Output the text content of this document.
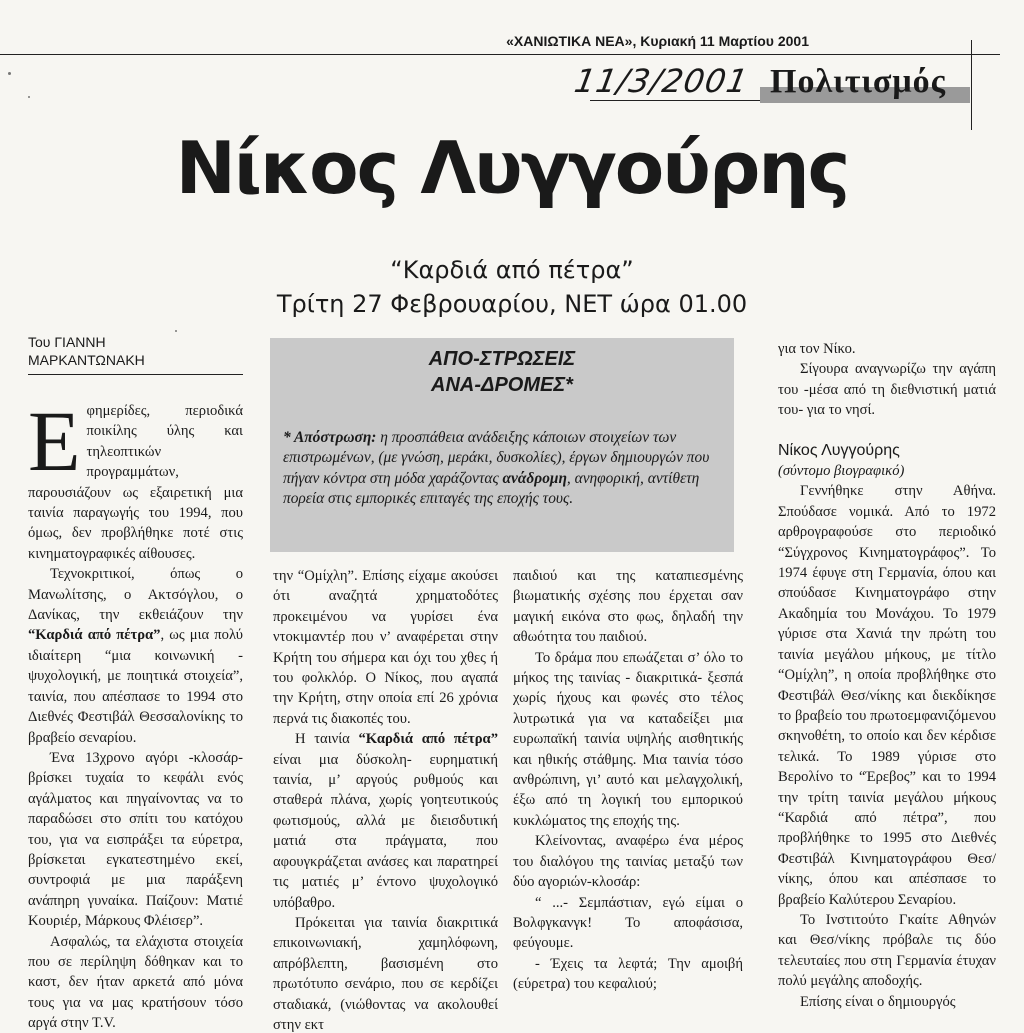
«ΧΑΝΙΩΤΙΚΑ ΝΕΑ», Κυριακή 11 Μαρτίου 2001
11/3/2001 Πολιτισμός
Νίκος Λυγγούρης
“Καρδιά από πέτρα”
Τρίτη 27 Φεβρουαρίου, ΝΕΤ ώρα 01.00
Του ΓΙΑΝΝΗ
ΜΑΡΚΑΝΤΩΝΑΚΗ	ΑΠΟ-ΣΤΡΩΣΕΙΣ
ΑΝΑ-ΔΡΟΜΕΣ*
* Απόστρωση: η προσπάθεια ανάδειξης κάποιων στοιχείων των επιστρωμένων, (με γνώση, μεράκι, δυσκολίες), έργων δημιουργών που πήγαν κόντρα στη μόδα χαράζοντας ανάδρομη, ανηφορική, αντίθετη πορεία στις εμπορικές επιταγές της εποχής τους.

Εφημερίδες, περιοδικά ποικίλης ύλης και τηλεοπτικών προγραμμάτων, παρουσιάζουν ως εξαιρετική μια ταινία παραγωγής του 1994, που όμως, δεν προβλήθηκε ποτέ στις κινηματογραφικές αίθουσες.

Τεχνοκριτικοί, όπως ο Μανωλίτσης, ο Ακτσόγλου, ο Δανίκας, την εκθειάζουν την “Καρδιά από πέτρα”, ως μια πολύ ιδιαίτερη “μια κοινωνική - ψυχολογική, με ποιητικά στοιχεία”, ταινία, που απέσπασε το 1994 στο Διεθνές Φεστιβάλ Θεσσαλονίκης το βραβείο σεναρίου.

Ένα 13χρονο αγόρι -κλοσάρ- βρίσκει τυχαία το κεφάλι ενός αγάλματος και πηγαίνοντας να το παραδώσει στο σπίτι του κατόχου του, για να εισπράξει τα εύρετρα, βρίσκεται εγκατεστημένο εκεί, συντροφιά με μια παράξενη ανάπηρη γυναίκα. Παίζουν: Ματιέ Κουριέρ, Μάρκους Φλέισερ”.

Ασφαλώς, τα ελάχιστα στοιχεία που σε περίληψη δόθηκαν και το καστ, δεν ήταν αρκετά από μόνα τους για να μας κρατήσουν τόσο αργά στην Τ.V.

την “Ομίχλη”. Επίσης είχαμε ακούσει ότι αναζητά χρηματοδότες προκειμένου να γυρίσει ένα ντοκιμαντέρ που ν’ αναφέρεται στην Κρήτη του σήμερα και όχι του χθες ή του φολκλόρ. Ο Νίκος, που αγαπά την Κρήτη, στην οποία επί 26 χρόνια περνά τις διακοπές του.

Η ταινία “Καρδιά από πέτρα” είναι μια δύσκολη- ευρηματική ταινία, μ’ αργούς ρυθμούς και σταθερά πλάνα, χωρίς γοητευτικούς φωτισμούς, αλλά με διεισδυτική ματιά στα πράγματα, που αφουγκράζεται ανάσες και παρατηρεί τις ματιές μ’ έντονο ψυχολογικό υπόβαθρο.

Πρόκειται για ταινία διακριτικά επικοινωνιακή, χαμηλόφωνη, απρόβλεπτη, βασισμένη στο πρωτότυπο σενάριο, που σε κερδίζει σταδιακά, (νιώθοντας να ακολουθεί στην εκτ

παιδιού και της καταπιεσμένης βιωματικής σχέσης που έρχεται σαν μαγική εικόνα στο φως, δηλαδή την αθωότητα του παιδιού.

Το δράμα που επωάζεται σ’ όλο το μήκος της ταινίας - διακριτικά- ξεσπά χωρίς ήχους και φωνές στο τέλος λυτρωτικά για να καταδείξει μια ευρωπαϊκή ταινία υψηλής αισθητικής και ηθικής στάθμης. Μια ταινία τόσο ανθρώπινη, γι’ αυτό και μελαγχολική, έξω από τη λογική του εμπορικού κυκλώματος της εποχής της.

Κλείνοντας, αναφέρω ένα μέρος του διαλόγου της ταινίας μεταξύ των δύο αγοριών-κλοσάρ:

“ ...- Σεμπάστιαν, εγώ είμαι ο Βολφγκανγκ! Το αποφάσισα, φεύγουμε.

- Έχεις τα λεφτά; Την αμοιβή (εύρετρα) του κεφαλιού;

για τον Νίκο.

Σίγουρα αναγνωρίζω την αγάπη του -μέσα από τη διεθνιστική ματιά του- για το νησί.

Νίκος Λυγγούρης

(σύντομο βιογραφικό)

Γεννήθηκε στην Αθήνα. Σπούδασε νομικά. Από το 1972 αρθρογραφούσε στο περιοδικό “Σύγχρονος Κινηματογράφος”. Το 1974 έφυγε στη Γερμανία, όπου και σπούδασε Κινηματογράφο στην Ακαδημία του Μονάχου. Το 1979 γύρισε στα Χανιά την πρώτη του ταινία μεγάλου μήκους, με τίτλο “Ομίχλη”, η οποία προβλήθηκε στο Φεστιβάλ Θεσ/νίκης και διεκδίκησε το βραβείο του πρωτοεμφανιζόμενου σκηνοθέτη, το οποίο και δεν κέρδισε τελικά. Το 1989 γύρισε στο Βερολίνο το “Έρεβος” και το 1994 την τρίτη ταινία μεγάλου μήκους “Καρδιά από πέτρα”, που προβλήθηκε το 1995 στο Διεθνές Φεστιβάλ Κινηματογράφου Θεσ/νίκης, όπου και απέσπασε το βραβείο Καλύτερου Σεναρίου.

Το Ινστιτούτο Γκαίτε Αθηνών και Θεσ/νίκης πρόβαλε τις δύο τελευταίες που στη Γερμανία έτυχαν πολύ μεγάλης αποδοχής.

Επίσης είναι ο δημιουργός
